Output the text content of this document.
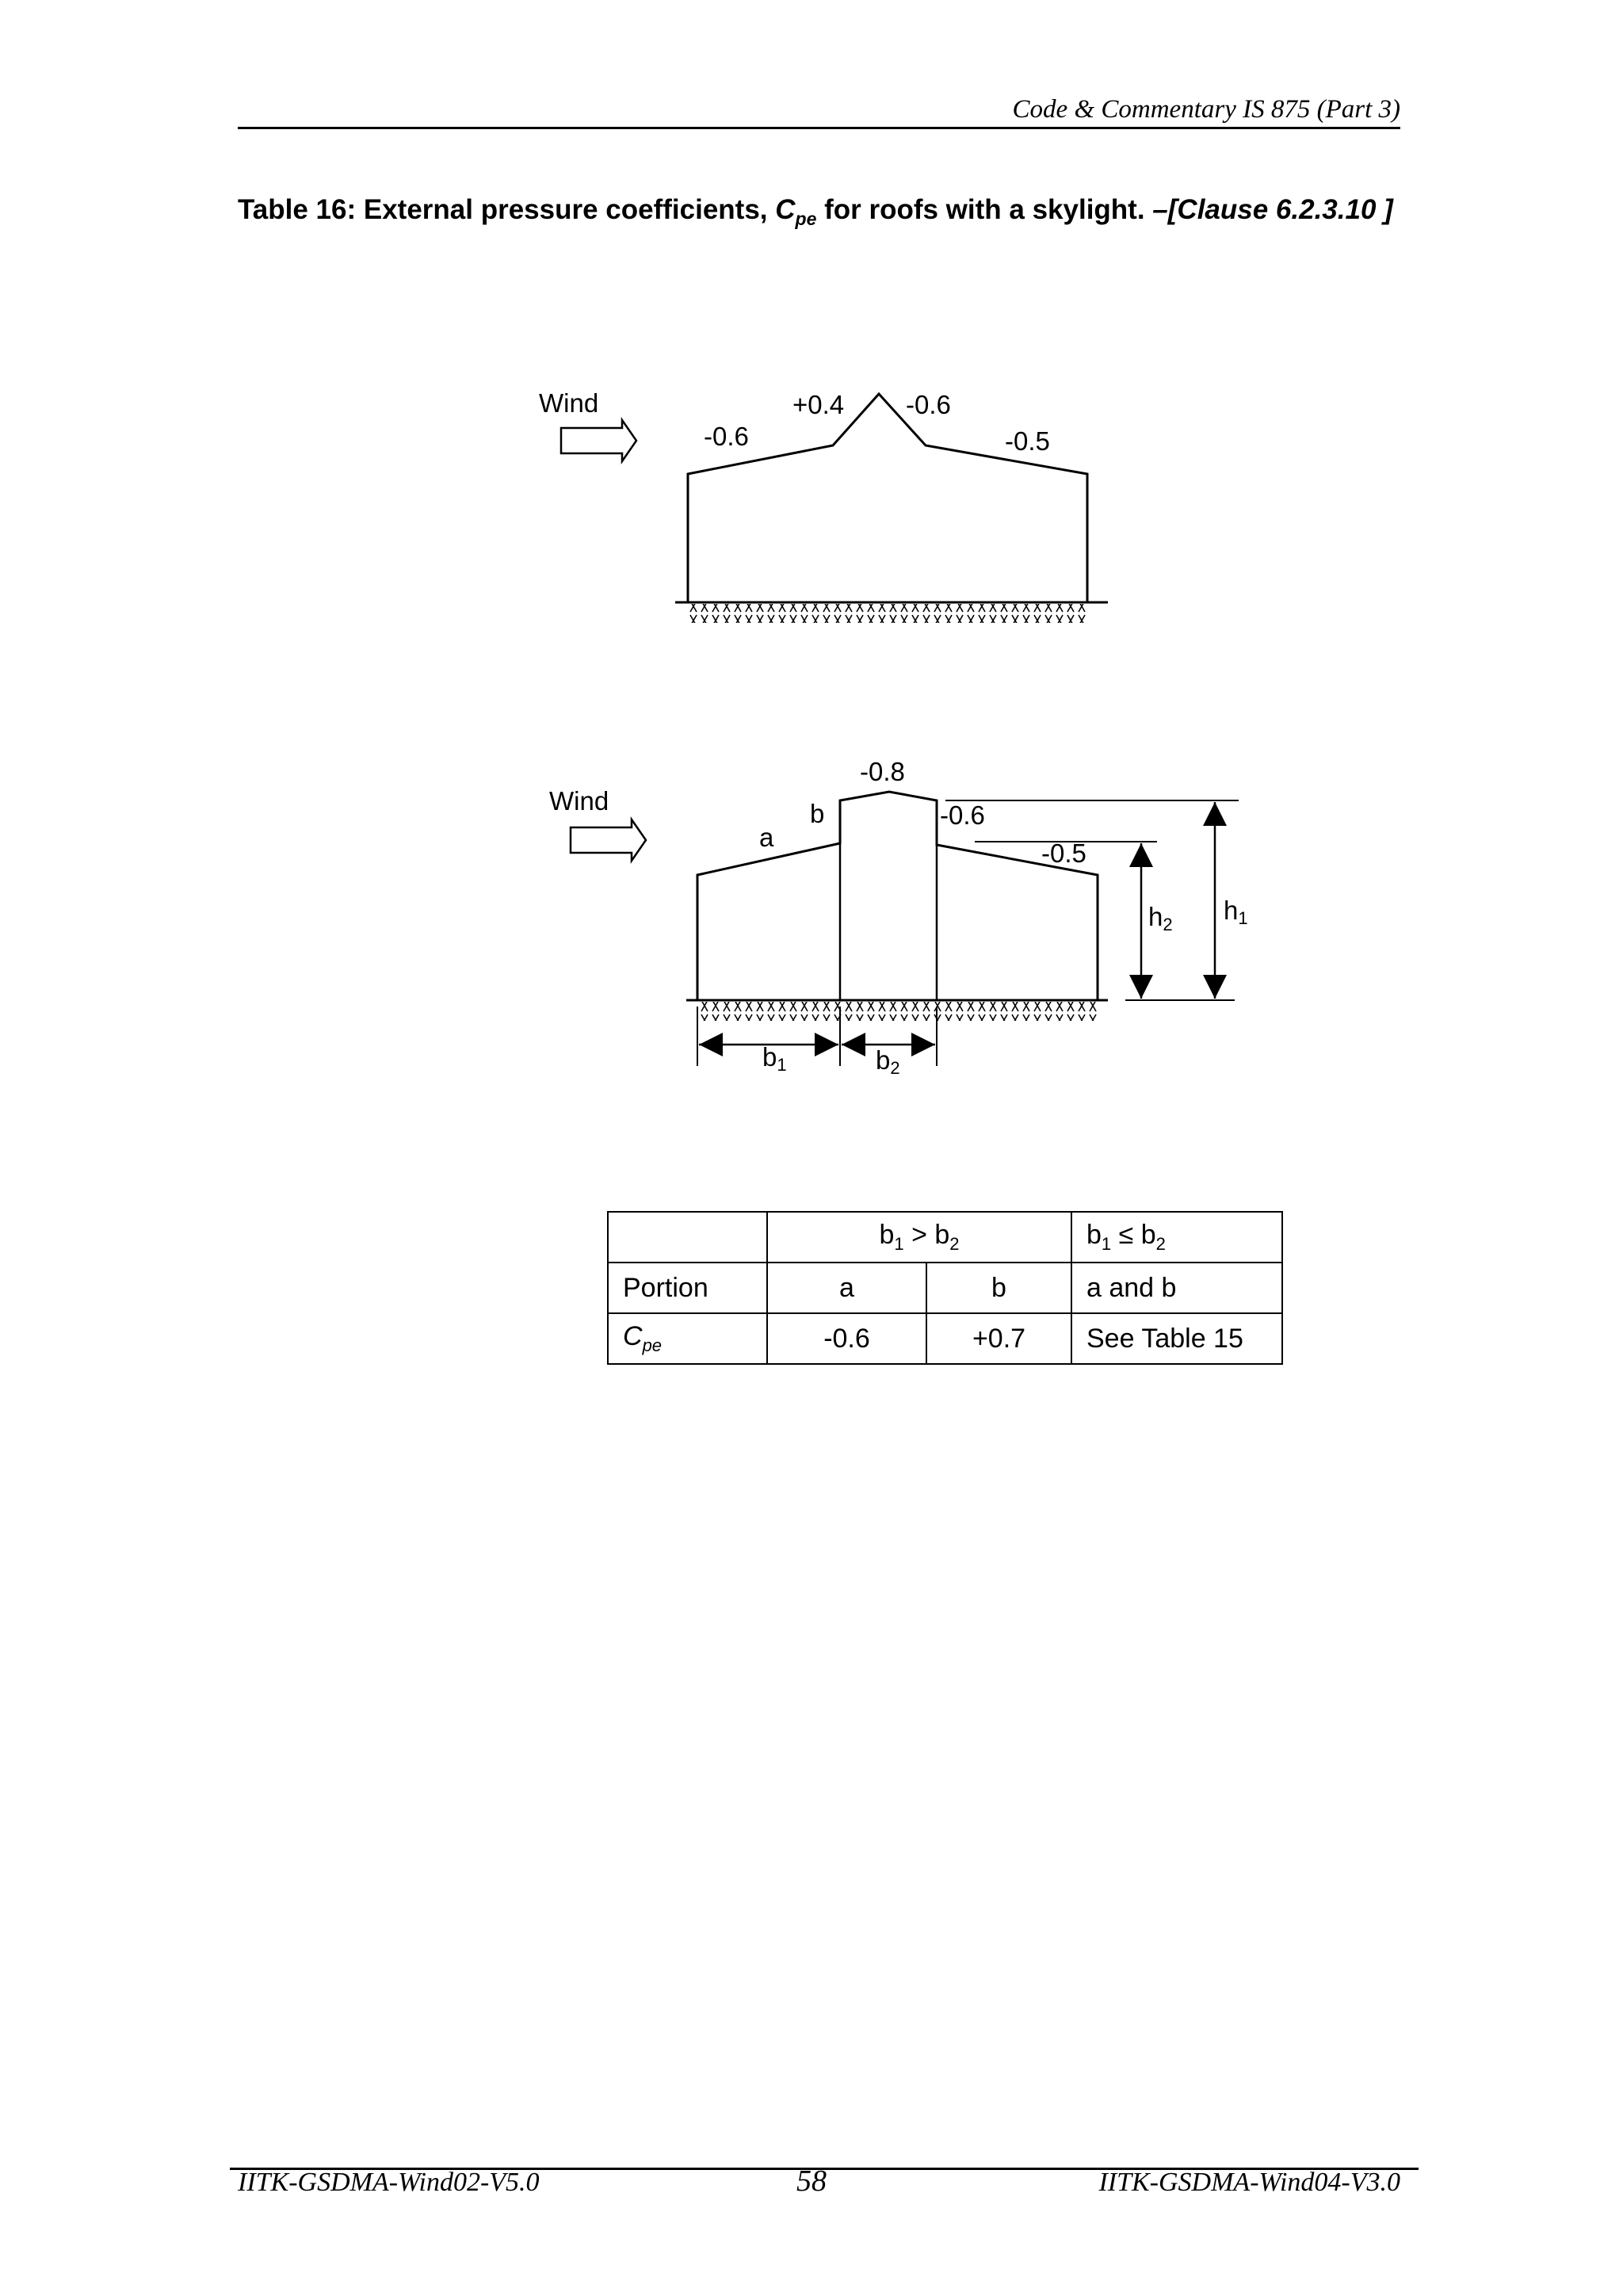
Code & Commentary IS 875 (Part 3)
Table 16: External pressure coefficients, $C_{pe}$ for roofs with a skylight. –[Clause 6.2.3.10 ]
Wind
-0.6
+0.4 -0.6
-0.5
Wind
a
b
-0.8
-0.6
-0.5
h1
h2
b1	b2
	$b_1 > b_2$		$b_1 \le b_2$
Portion	a	b	a and b
$C_{pe}$	-0.6	+0.7	See Table 15
IITK-GSDMA-Wind02-V5.0	58	IITK-GSDMA-Wind04-V3.0
